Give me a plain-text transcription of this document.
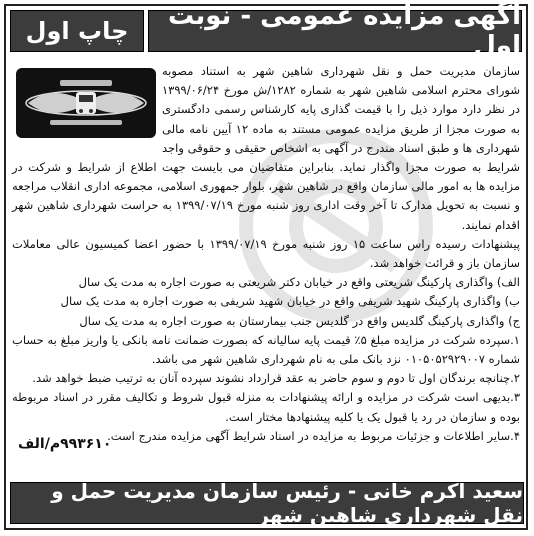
آگهی مزایده عمومی - نوبت اول
چاپ اول
سازمان مدیریت حمل و نقل شهرداری شاهین شهر به استناد مصوبه شورای محترم اسلامی شاهین شهر به شماره ۱۲۸۲/ش مورخ ۱۳۹۹/۰۶/۲۴ در نظر دارد موارد ذیل را با قیمت گذاری پایه کارشناس رسمی دادگستری به صورت مجزا از طریق مزایده عمومی مستند به ماده ۱۲ آیین نامه مالی شهرداری ها و طبق اسناد مندرج در آگهی به اشخاص حقیقی و حقوقی واجد شرایط به صورت مجزا واگذار نماید. بنابراین متقاضیان می بایست جهت اطلاع از شرایط و شرکت در مزایده ها به امور مالی سازمان واقع در شاهین شهر، بلوار جمهوری اسلامی، مجموعه اداری انقلاب مراجعه و نسبت به تحویل مدارک تا آخر وقت اداری روز شنبه مورخ ۱۳۹۹/۰۷/۱۹ به حراست شهرداری شاهین شهر اقدام نمایند.
پیشنهادات رسیده راس ساعت ۱۵ روز شنبه مورخ ۱۳۹۹/۰۷/۱۹ با حضور اعضا کمیسیون عالی معاملات سازمان باز و قرائت خواهد شد.
الف) واگذاری پارکینگ شریعتی واقع در خیابان دکتر شریعتی به صورت اجاره به مدت یک سال
ب) واگذاری پارکینگ شهید شریفی واقع در خیابان شهید شریفی به صورت اجاره به مدت یک سال
ج) واگذاری پارکینگ گلدیس واقع در گلدیس جنب بیمارستان به صورت اجاره به مدت یک سال
۱.سپرده شرکت در مزایده مبلغ ۵٪ قیمت پایه سالیانه که بصورت ضمانت نامه بانکی یا واریز مبلغ به حساب شماره ۰۱۰۵۰۵۲۹۲۹۰۰۷ نزد بانک ملی به نام شهرداری شاهین شهر می باشد.
۲.چنانچه برندگان اول تا دوم و سوم حاضر به عقد قرارداد نشوند سپرده آنان به ترتیب ضبط خواهد شد.
۳.بدیهی است شرکت در مزایده و ارائه پیشنهادات به منزله قبول شروط و تکالیف مقرر در اسناد مربوطه بوده و سازمان در رد یا قبول یک یا کلیه پیشنهادها مختار است.
۴.سایر اطلاعات و جزئیات مربوط به مزایده در اسناد شرایط آگهی مزایده مندرج است.
۹۹۳۶۱۰م/الف
سعید اکرم خانی - رئیس سازمان مدیریت حمل و نقل شهرداری شاهین شهر
